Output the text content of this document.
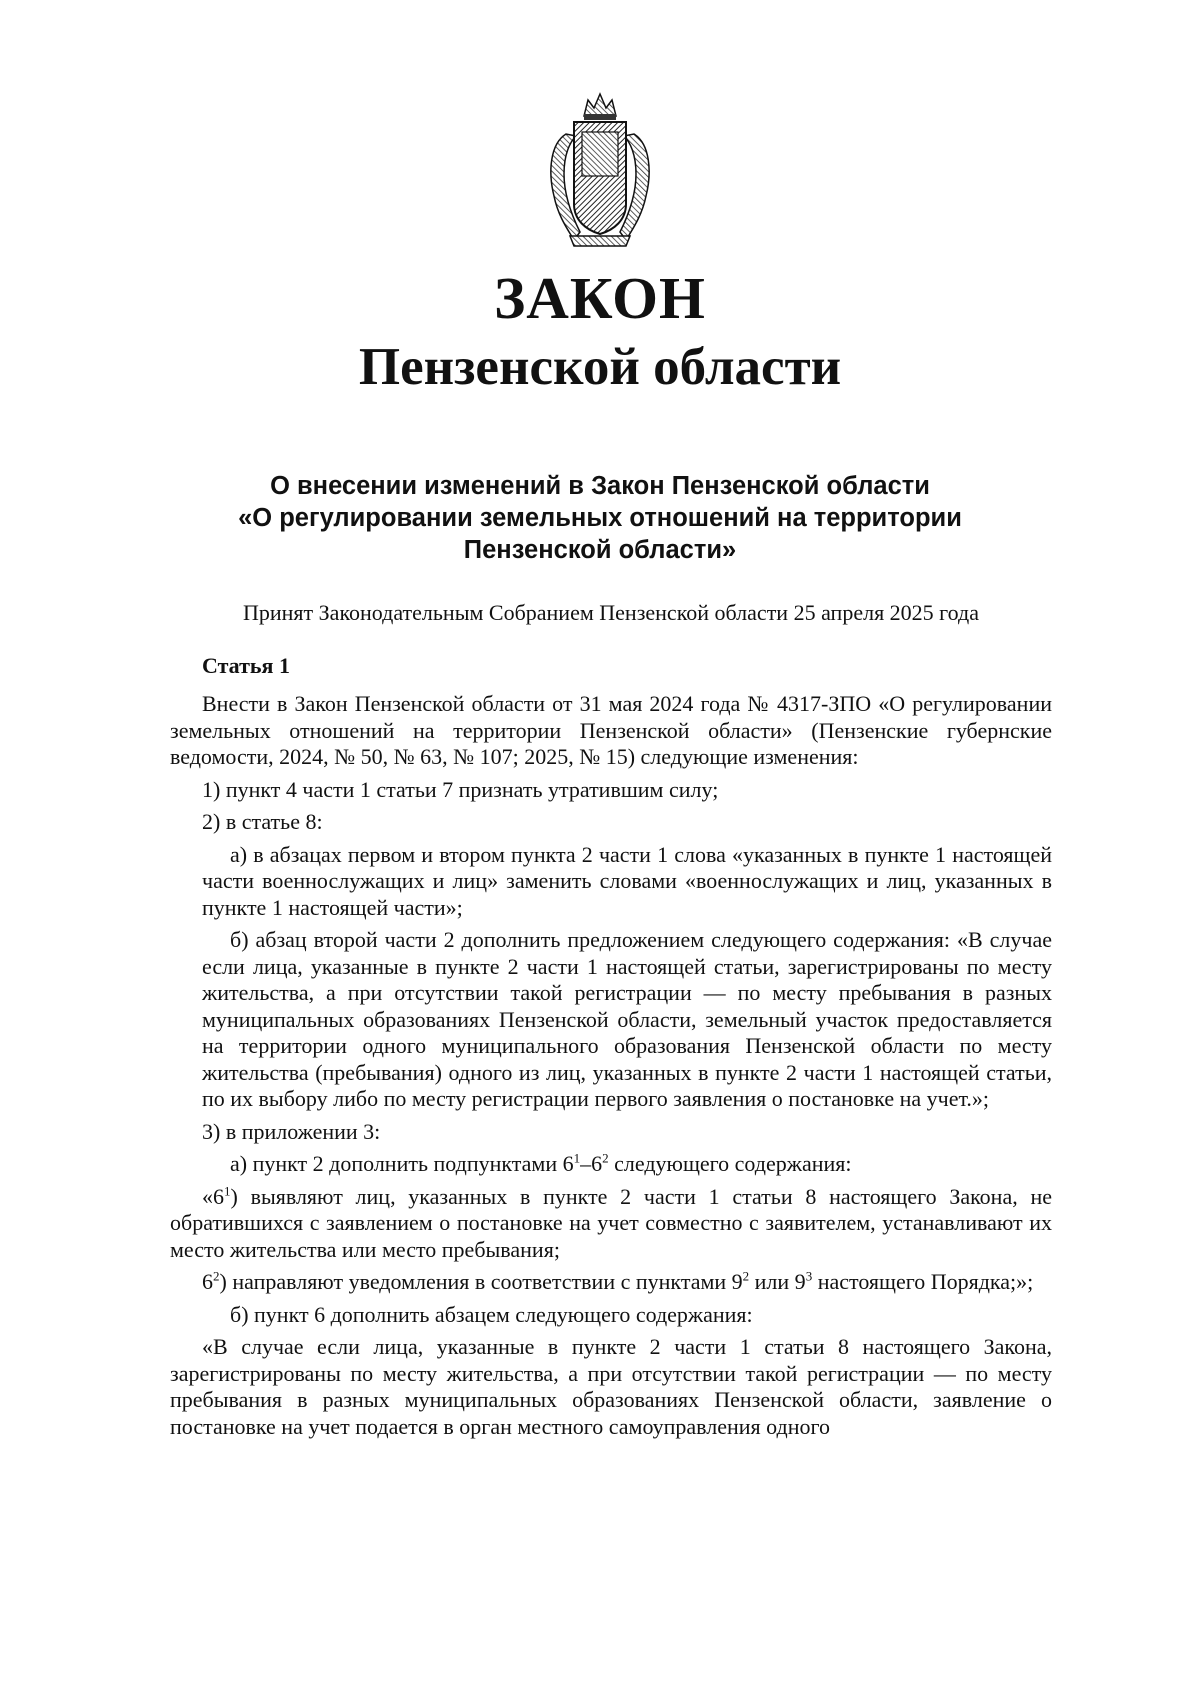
ЗАКОН
Пензенской области
О внесении изменений в Закон Пензенской области
«О регулировании земельных отношений на территории
Пензенской области»

Принят Законодательным Собранием Пензенской области 25 апреля 2025 года

Статья 1

Внести в Закон Пензенской области от 31 мая 2024 года № 4317-ЗПО «О регулировании земельных отношений на территории Пензенской области» (Пензенские губернские ведомости, 2024, № 50, № 63, № 107; 2025, № 15) следующие изменения:

1) пункт 4 части 1 статьи 7 признать утратившим силу;

2) в статье 8:

а) в абзацах первом и втором пункта 2 части 1 слова «указанных в пункте 1 настоящей части военнослужащих и лиц» заменить словами «военнослужащих и лиц, указанных в пункте 1 настоящей части»;

б) абзац второй части 2 дополнить предложением следующего содержания: «В случае если лица, указанные в пункте 2 части 1 настоящей статьи, зарегистрированы по месту жительства, а при отсутствии такой регистрации — по месту пребывания в разных муниципальных образованиях Пензенской области, земельный участок предоставляется на территории одного муниципального образования Пензенской области по месту жительства (пребывания) одного из лиц, указанных в пункте 2 части 1 настоящей статьи, по их выбору либо по месту регистрации первого заявления о постановке на учет.»;

3) в приложении 3:

а) пункт 2 дополнить подпунктами $6^1-6^2$ следующего содержания:

«$6^1$) выявляют лиц, указанных в пункте 2 части 1 статьи 8 настоящего Закона, не обратившихся с заявлением о постановке на учет совместно с заявителем, устанавливают их место жительства или место пребывания;

$6^2$) направляют уведомления в соответствии с пунктами $9^2$ или $9^3$ настоящего Порядка;»;

б) пункт 6 дополнить абзацем следующего содержания:

«В случае если лица, указанные в пункте 2 части 1 статьи 8 настоящего Закона, зарегистрированы по месту жительства, а при отсутствии такой регистрации — по месту пребывания в разных муниципальных образованиях Пензенской области, заявление о постановке на учет подается в орган местного самоуправления одного
